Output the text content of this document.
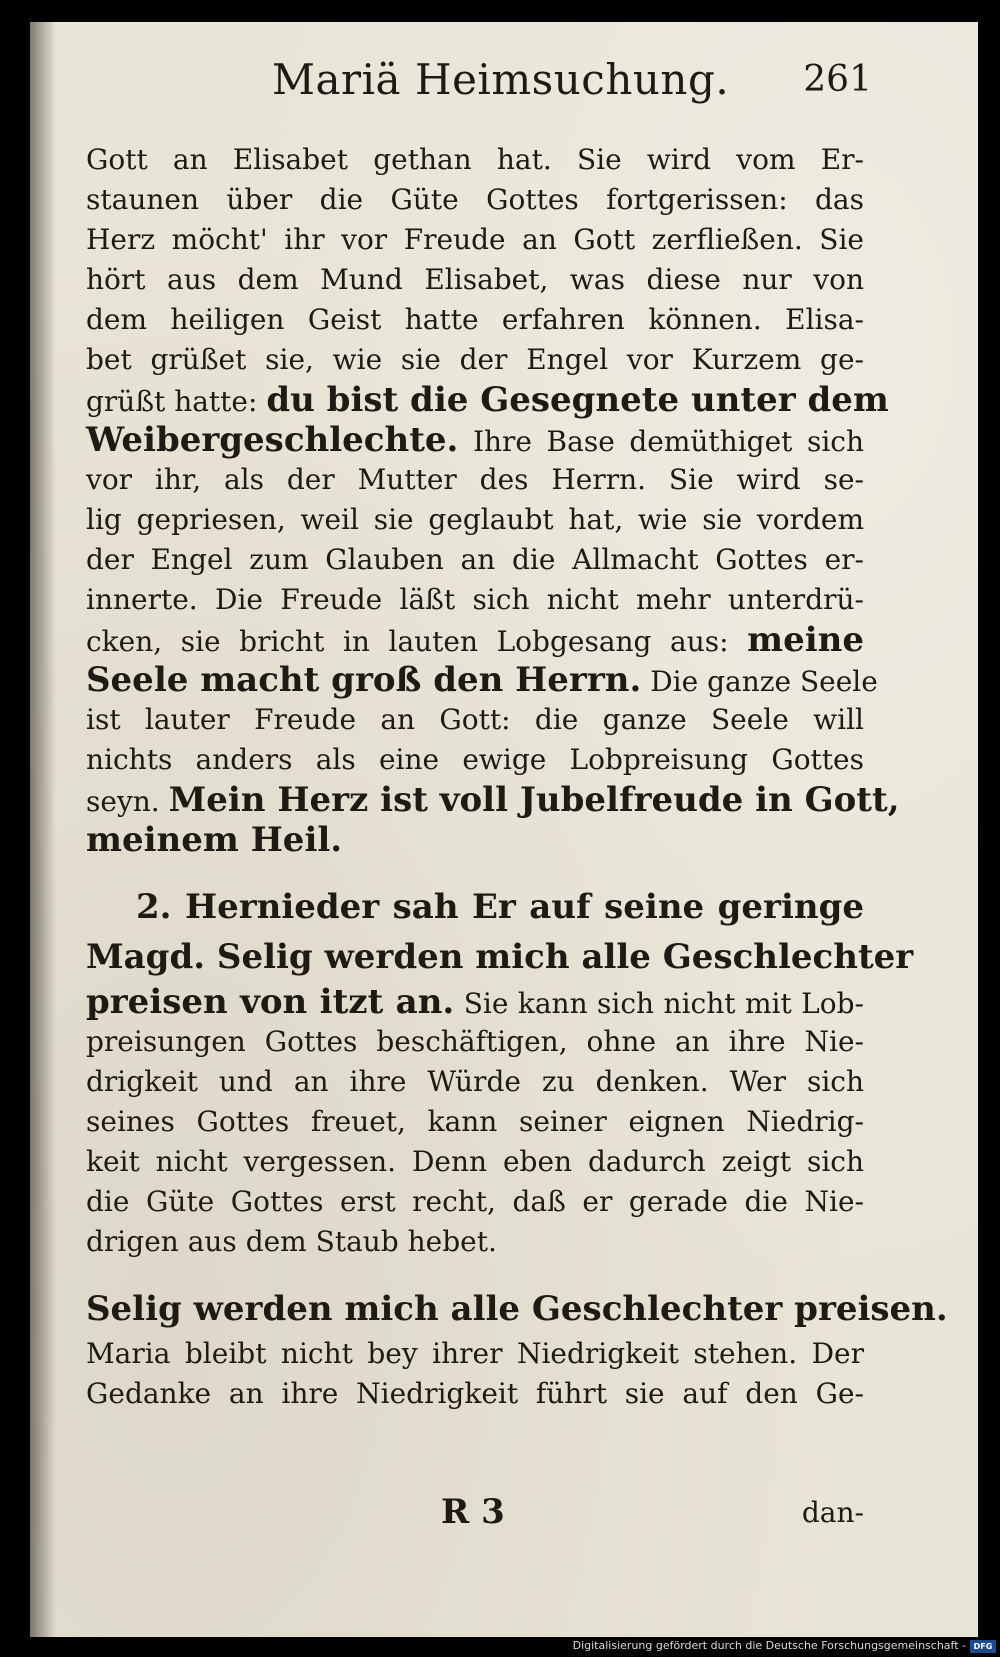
Mariä Heimsuchung. 261
Gott an Elisabet gethan hat. Sie wird vom Er-
staunen über die Güte Gottes fortgerissen: das
Herz möcht' ihr vor Freude an Gott zerfließen. Sie
hört aus dem Mund Elisabet, was diese nur von
dem heiligen Geist hatte erfahren können. Elisa-
bet grüßet sie, wie sie der Engel vor Kurzem ge-
grüßt hatte: du bist die Gesegnete unter dem
Weibergeschlechte. Ihre Base demüthiget sich
vor ihr, als der Mutter des Herrn. Sie wird se-
lig gepriesen, weil sie geglaubt hat, wie sie vordem
der Engel zum Glauben an die Allmacht Gottes er-
innerte. Die Freude läßt sich nicht mehr unterdrü-
cken, sie bricht in lauten Lobgesang aus: meine
Seele macht groß den Herrn. Die ganze Seele
ist lauter Freude an Gott: die ganze Seele will
nichts anders als eine ewige Lobpreisung Gottes
seyn. Mein Herz ist voll Jubelfreude in Gott,
meinem Heil.
2. Hernieder sah Er auf seine geringe
Magd. Selig werden mich alle Geschlechter
preisen von itzt an. Sie kann sich nicht mit Lob-
preisungen Gottes beschäftigen, ohne an ihre Nie-
drigkeit und an ihre Würde zu denken. Wer sich
seines Gottes freuet, kann seiner eignen Niedrig-
keit nicht vergessen. Denn eben dadurch zeigt sich
die Güte Gottes erst recht, daß er gerade die Nie-
drigen aus dem Staub hebet.
Selig werden mich alle Geschlechter preisen.
Maria bleibt nicht bey ihrer Niedrigkeit stehen. Der
Gedanke an ihre Niedrigkeit führt sie auf den Ge-
R 3	dan-
Digitalisierung gefördert durch die Deutsche Forschungsgemeinschaft - DFG
